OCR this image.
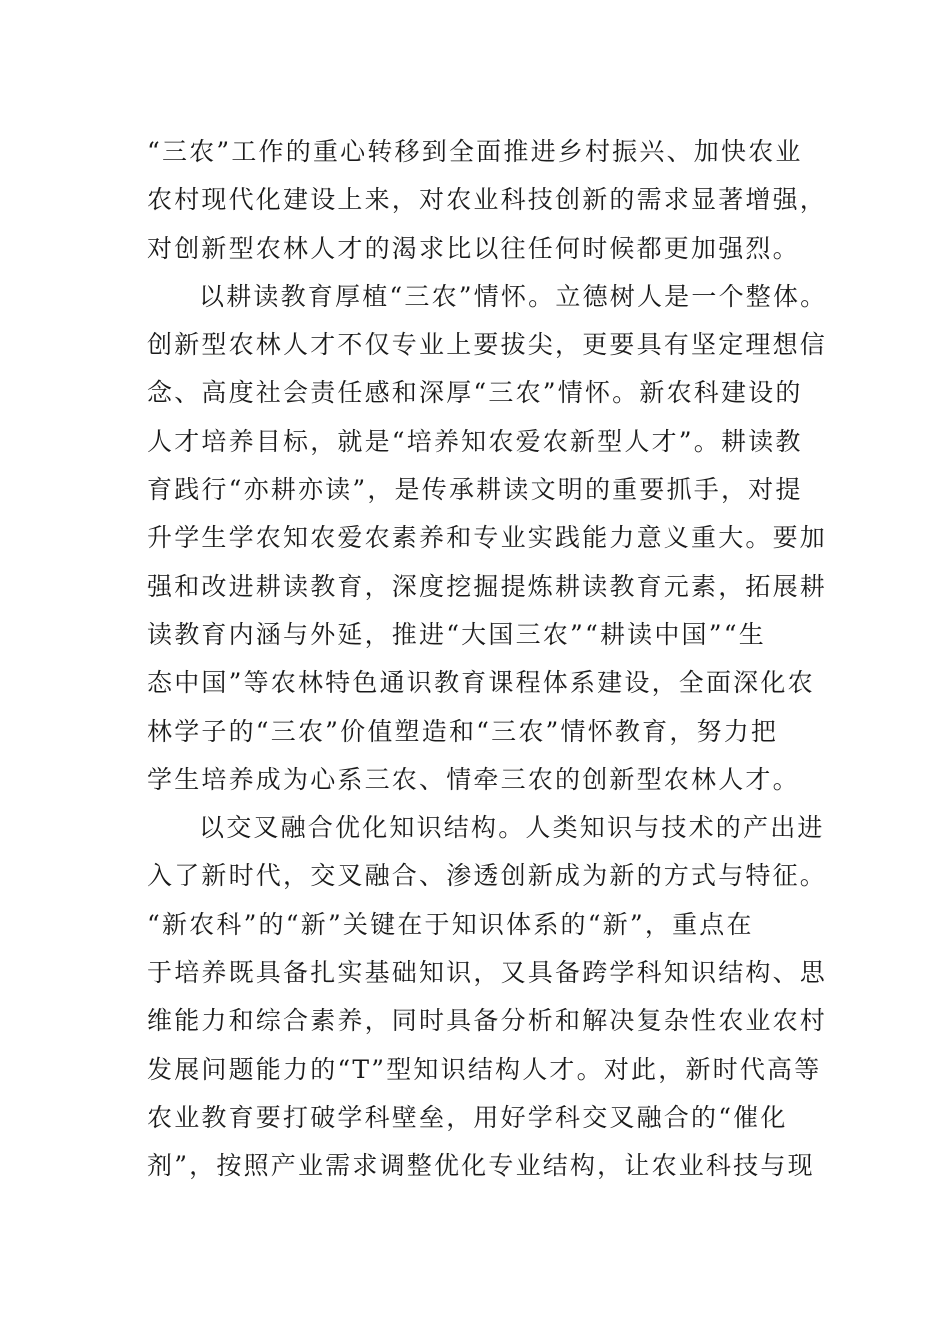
“三农”工作的重心转移到全面推进乡村振兴、加快农业
农村现代化建设上来，对农业科技创新的需求显著增强，
对创新型农林人才的渴求比以往任何时候都更加强烈。
以耕读教育厚植“三农”情怀。立德树人是一个整体。
创新型农林人才不仅专业上要拔尖，更要具有坚定理想信
念、高度社会责任感和深厚“三农”情怀。新农科建设的
人才培养目标，就是“培养知农爱农新型人才”。耕读教
育践行“亦耕亦读”，是传承耕读文明的重要抓手，对提
升学生学农知农爱农素养和专业实践能力意义重大。要加
强和改进耕读教育，深度挖掘提炼耕读教育元素，拓展耕
读教育内涵与外延，推进“大国三农”“耕读中国”“生
态中国”等农林特色通识教育课程体系建设，全面深化农
林学子的“三农”价值塑造和“三农”情怀教育，努力把
学生培养成为心系三农、情牵三农的创新型农林人才。
以交叉融合优化知识结构。人类知识与技术的产出进
入了新时代，交叉融合、渗透创新成为新的方式与特征。
“新农科”的“新”关键在于知识体系的“新”，重点在
于培养既具备扎实基础知识，又具备跨学科知识结构、思
维能力和综合素养，同时具备分析和解决复杂性农业农村
发展问题能力的“T”型知识结构人才。对此，新时代高等
农业教育要打破学科壁垒，用好学科交叉融合的“催化
剂”，按照产业需求调整优化专业结构，让农业科技与现
